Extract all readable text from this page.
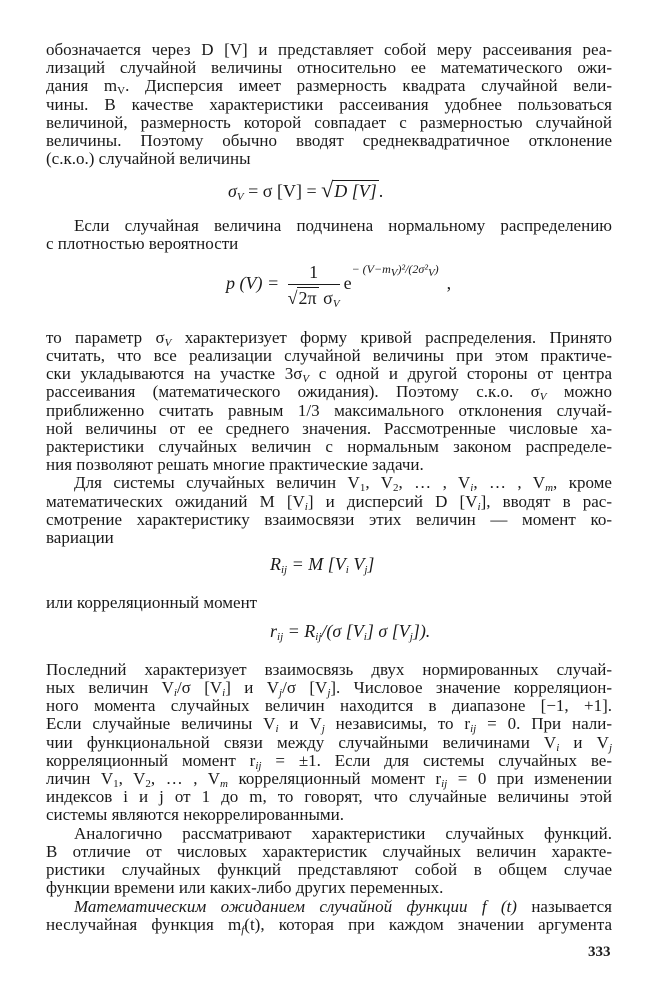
обозначается через D [V] и представляет собой меру рассеивания реа-
лизаций случайной величины относительно ее математического ожи-
дания $m_V$. Дисперсия имеет размерность квадрата случайной вели-
чины. В качестве характеристики рассеивания удобнее пользоваться
величиной, размерность которой совпадает с размерностью случайной
величины. Поэтому обычно вводят среднеквадратичное отклонение
(с.к.о.) случайной величины
$\sigma_V = \sigma$ [V] = √D [V] .
Если случайная величина подчинена нормальному распределению
с плотностью вероятности
p $(V) = \frac{1}{√2\pi \sigma_V} e^{- (V-m_V)^2/(2\sigma^2_V)}$,
то параметр $\sigma_V$ характеризует форму кривой распределения. Принято
считать, что все реализации случайной величины при этом практиче-
ски укладываются на участке $3\sigma_V$ с одной и другой стороны от центра
рассеивания (математического ожидания). Поэтому с.к.о. $\sigma_V$ можно
приближенно считать равным 1/3 максимального отклонения случай-
ной величины от ее среднего значения. Рассмотренные числовые ха-
рактеристики случайных величин с нормальным законом распределе-
ния позволяют решать многие практические задачи.
Для системы случайных величин $V_1$, $V_2$, … , $V_i$, … , $V_m$, кроме
математических ожиданий M $[V_i]$ и дисперсий D $[V_i]$, вводят в рас-
смотрение характеристику взаимосвязи этих величин — момент ко-
вариации
$R_{ij} = M$ [$V_i$ $V_j$]
или корреляционный момент
$r_{ij} = R_{ij}/(\sigma$ $[V_i]$ σ $[V_j]$).
Последний характеризует взаимосвязь двух нормированных случай-
ных величин $V_i/\sigma$ $[V_i]$ и $V_j/\sigma$ $[V_j]$. Числовое значение корреляцион-
ного момента случайных величин находится в диапазоне [−1, +1].
Если случайные величины $V_i$ и $V_j$ независимы, то $r_{ij} = 0$. При нали-
чии функциональной связи между случайными величинами $V_i$ и $V_j$
корреляционный момент $r_{ij} = \pm 1$. Если для системы случайных ве-
личин $V_1$, $V_2$, … , $V_m$ корреляционный момент $r_{ij} = 0$ при изменении
индексов i и j от 1 до m, то говорят, что случайные величины этой
системы являются некоррелированными.
Аналогично рассматривают характеристики случайных функций.
В отличие от числовых характеристик случайных величин характе-
ристики случайных функций представляют собой в общем случае
функции времени или каких-либо других переменных.
Математическим ожиданием случайной функции f (t) называется
неслучайная функция $m_f(t)$, которая при каждом значении аргумента
333
